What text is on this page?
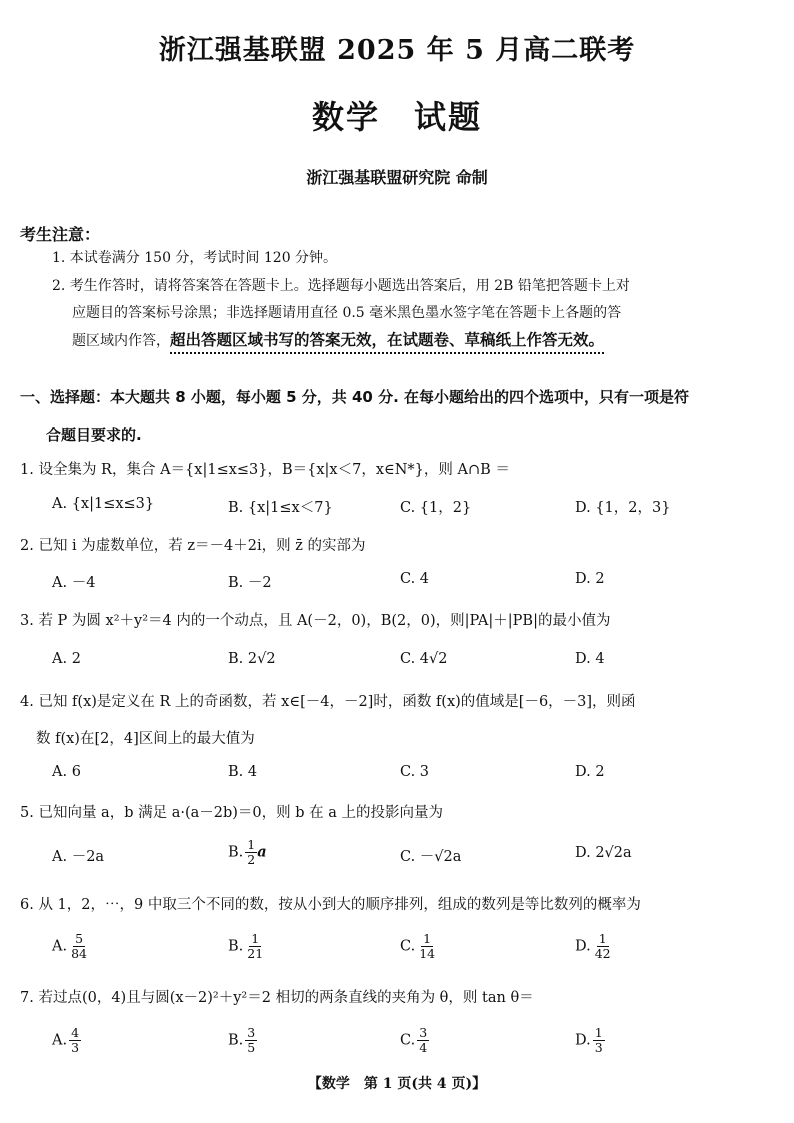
浙江强基联盟 2025 年 5 月高二联考
数学　试题
浙江强基联盟研究院 命制
考生注意：
1. 本试卷满分 150 分，考试时间 120 分钟。
2. 考生作答时，请将答案答在答题卡上。选择题每小题选出答案后，用 2B 铅笔把答题卡上对
应题目的答案标号涂黑；非选择题请用直径 0.5 毫米黑色墨水签字笔在答题卡上各题的答
题区域内作答，超出答题区域书写的答案无效，在试题卷、草稿纸上作答无效。
一、选择题：本大题共 8 小题，每小题 5 分，共 40 分. 在每小题给出的四个选项中，只有一项是符
合题目要求的.
1. 设全集为 R，集合 A＝{x|1≤x≤3}，B＝{x|x＜7，x∈N*}，则 A∩B ＝
A. {x|1≤x≤3}	B. {x|1≤x＜7}	C. {1，2}	D. {1，2，3}
2. 已知 i 为虚数单位，若 z＝－4＋2i，则 z̄ 的实部为
A. －4	B. －2	C. 4	D. 2
3. 若 P 为圆 x²＋y²＝4 内的一个动点，且 A(－2，0)，B(2，0)，则|PA|＋|PB|的最小值为
A. 2	B. 2√2	C. 4√2	D. 4
4. 已知 f(x)是定义在 R 上的奇函数，若 x∈[－4，－2]时，函数 f(x)的值域是[－6，－3]，则函
数 f(x)在[2，4]区间上的最大值为
A. 6	B. 4	C. 3	D. 2
5. 已知向量 a，b 满足 a·(a－2b)＝0，则 b 在 a 上的投影向量为
A. －2a	B. $\frac{1}{2}$ a	C. －√2a	D. 2√2a
6. 从 1，2，⋯，9 中取三个不同的数，按从小到大的顺序排列，组成的数列是等比数列的概率为
A. $\frac{5}{84}$	B. $\frac{1}{21}$	C. $\frac{1}{14}$	D. $\frac{1}{42}$
7. 若过点(0，4)且与圆(x－2)²＋y²＝2 相切的两条直线的夹角为 θ，则 tan θ＝
A. $\frac{4}{3}$	B. $\frac{3}{5}$	C. $\frac{3}{4}$	D. $\frac{1}{3}$
【数学　第 1 页(共 4 页)】
